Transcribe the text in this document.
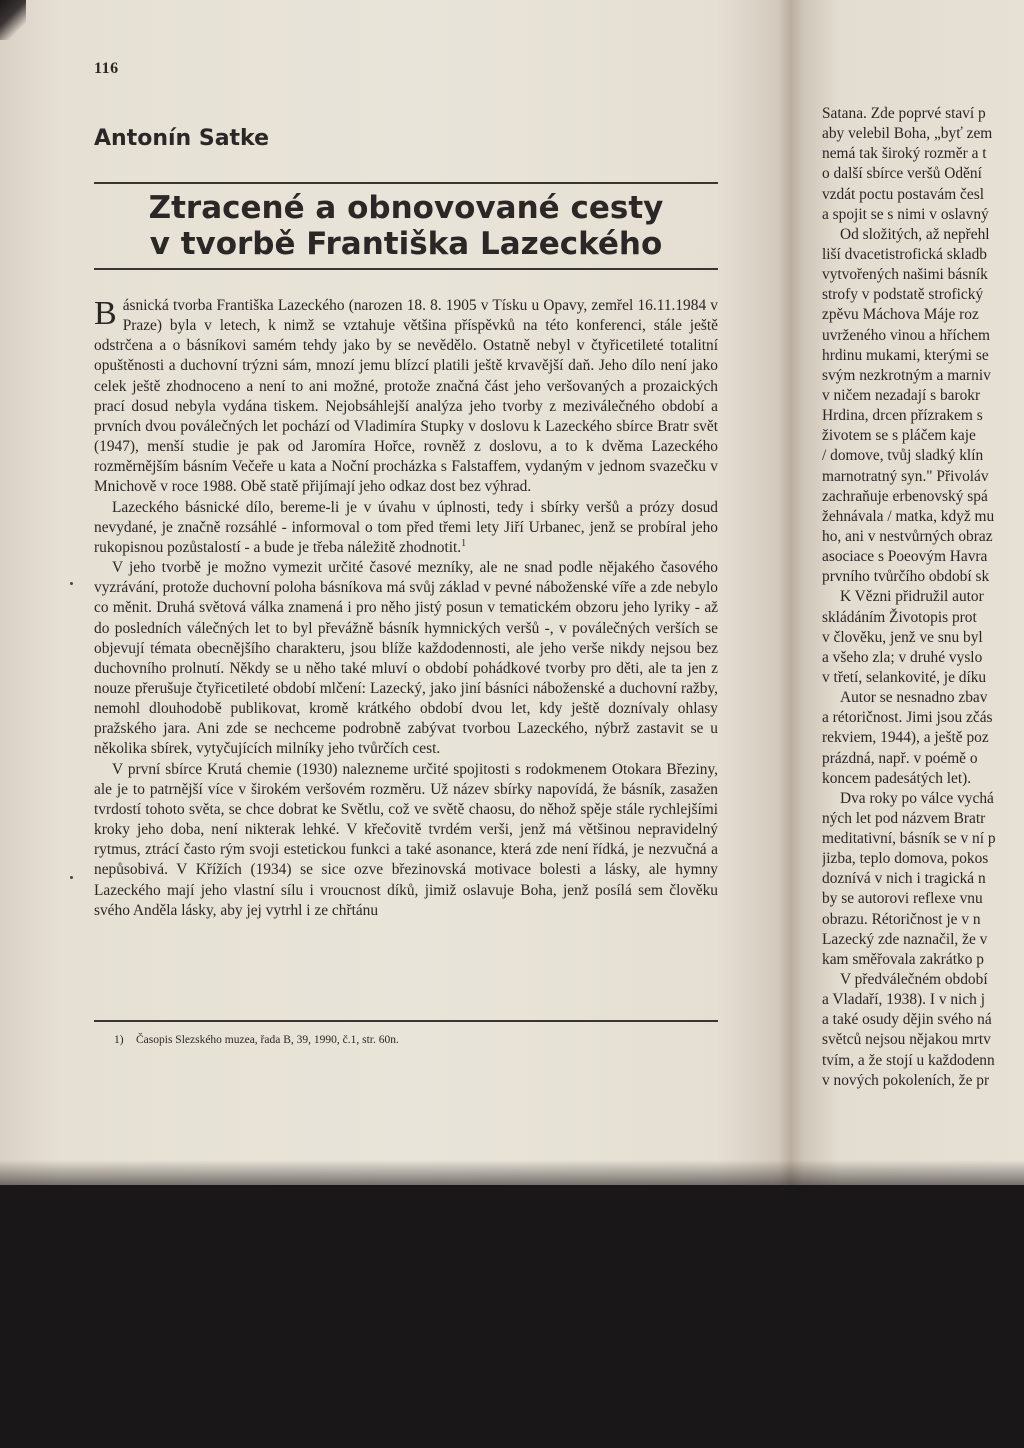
116
Antonín Satke
Ztracené a obnovované cesty
v tvorbě Františka Lazeckého

Básnická tvorba Františka Lazeckého (narozen 18. 8. 1905 v Tísku u Opavy, zemřel 16.11.1984 v Praze) byla v letech, k nimž se vztahuje většina příspěvků na této konferenci, stále ještě odstrčena a o básníkovi samém tehdy jako by se nevědělo. Ostatně nebyl v čtyřicetileté totalitní opuštěnosti a duchovní trýzni sám, mnozí jemu blízcí platili ještě krvavější daň. Jeho dílo není jako celek ještě zhodnoceno a není to ani možné, protože značná část jeho veršovaných a prozaických prací dosud nebyla vydána tiskem. Nejobsáhlejší analýza jeho tvorby z meziválečného období a prvních dvou poválečných let pochází od Vladimíra Stupky v doslovu k Lazeckého sbírce Bratr svět (1947), menší studie je pak od Jaromíra Hořce, rovněž z doslovu, a to k dvěma Lazeckého rozměrnějším básním Večeře u kata a Noční procházka s Falstaffem, vydaným v jednom svazečku v Mnichově v roce 1988. Obě statě přijímají jeho odkaz dost bez výhrad.

Lazeckého básnické dílo, bereme-li je v úvahu v úplnosti, tedy i sbírky veršů a prózy dosud nevydané, je značně rozsáhlé - informoval o tom před třemi lety Jiří Urbanec, jenž se probíral jeho rukopisnou pozůstalostí - a bude je třeba náležitě zhodnotit.$^1$

V jeho tvorbě je možno vymezit určité časové mezníky, ale ne snad podle nějakého časového vyzrávání, protože duchovní poloha básníkova má svůj základ v pevné náboženské víře a zde nebylo co měnit. Druhá světová válka znamená i pro něho jistý posun v tematickém obzoru jeho lyriky - až do posledních válečných let to byl převážně básník hymnických veršů -, v poválečných verších se objevují témata obecnějšího charakteru, jsou blíže každodennosti, ale jeho verše nikdy nejsou bez duchovního prolnutí. Někdy se u něho také mluví o období pohádkové tvorby pro děti, ale ta jen z nouze přerušuje čtyřicetileté období mlčení: Lazecký, jako jiní básníci náboženské a duchovní ražby, nemohl dlouhodobě publikovat, kromě krátkého období dvou let, kdy ještě doznívaly ohlasy pražského jara. Ani zde se nechceme podrobně zabývat tvorbou Lazeckého, nýbrž zastavit se u několika sbírek, vytyčujících milníky jeho tvůrčích cest.

V první sbírce Krutá chemie (1930) nalezneme určité spojitosti s rodokmenem Otokara Březiny, ale je to patrnější více v širokém veršovém rozměru. Už název sbírky napovídá, že básník, zasažen tvrdostí tohoto světa, se chce dobrat ke Světlu, což ve světě chaosu, do něhož spěje stále rychlejšími kroky jeho doba, není nikterak lehké. V křečovitě tvrdém verši, jenž má většinou nepravidelný rytmus, ztrácí často rým svoji estetickou funkci a také asonance, která zde není řídká, je nezvučná a nepůsobivá. V Křížích (1934) se sice ozve březinovská motivace bolesti a lásky, ale hymny Lazeckého mají jeho vlastní sílu i vroucnost díků, jimiž oslavuje Boha, jenž posílá sem člověku svého Anděla lásky, aby jej vytrhl i ze chřtánu

1) Časopis Slezského muzea, řada B, 39, 1990, č.1, str. 60n.
Satana. Zde poprvé staví p
aby velebil Boha, „byť zem
nemá tak široký rozměr a t
o další sbírce veršů Odění
vzdát poctu postavám česl
a spojit se s nimi v oslavný
Od složitých, až nepřehl
liší dvacetistrofická skladb
vytvořených našimi básník
strofy v podstatě strofický
zpěvu Máchova Máje roz
uvrženého vinou a hříchem
hrdinu mukami, kterými se
svým nezkrotným a marniv
v ničem nezadají s barokr
Hrdina, drcen přízrakem s
životem se s pláčem kaje
/ domove, tvůj sladký klín
marnotratný syn." Přivoláv
zachraňuje erbenovský spá
žehnávala / matka, když mu
ho, ani v nestvůrných obraz
asociace s Poeovým Havra
prvního tvůrčího období sk
K Vězni přidružil autor
skládáním Životopis prot
v člověku, jenž ve snu byl
a všeho zla; v druhé vyslo
v třetí, selankovité, je díku
Autor se nesnadno zbav
a rétoričnost. Jimi jsou zčás
rekviem, 1944), a ještě poz
prázdná, např. v poémě o
koncem padesátých let).
Dva roky po válce vychá
ných let pod názvem Bratr
meditativní, básník se v ní p
jizba, teplo domova, pokos
doznívá v nich i tragická n
by se autorovi reflexe vnu
obrazu. Rétoričnost je v n
Lazecký zde naznačil, že v
kam směřovala zakrátko p
V předválečném období
a Vladaří, 1938). I v nich j
a také osudy dějin svého ná
světců nejsou nějakou mrtv
tvím, a že stojí u každodenn
v nových pokoleních, že pr
